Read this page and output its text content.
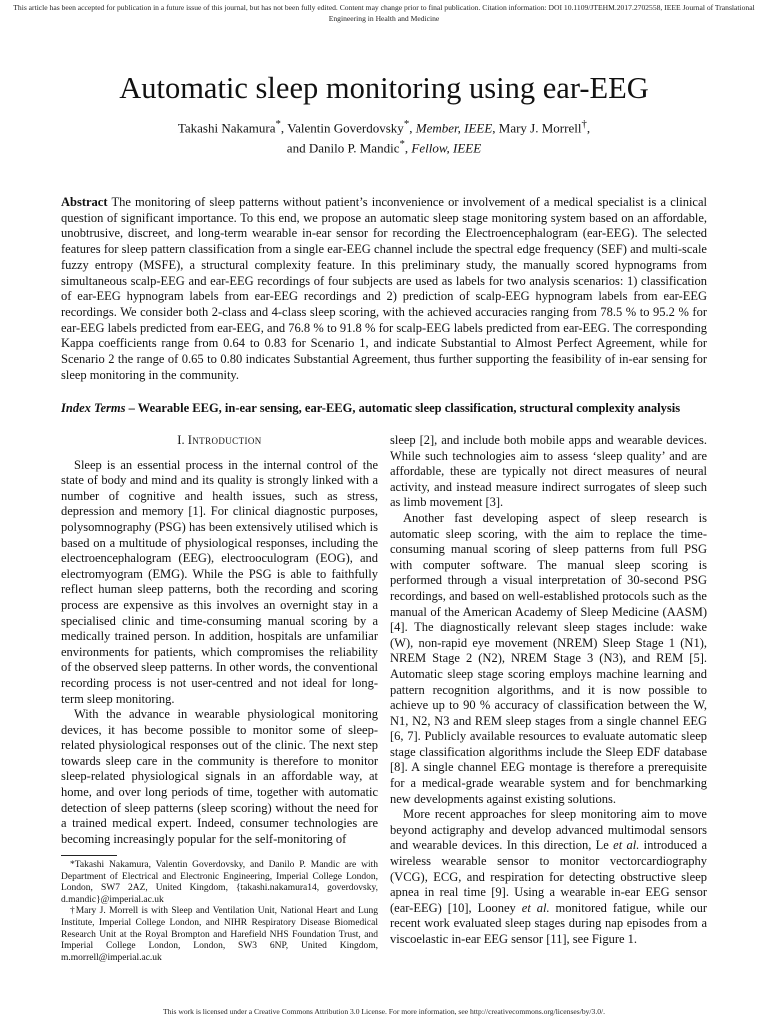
This article has been accepted for publication in a future issue of this journal, but has not been fully edited. Content may change prior to final publication. Citation information: DOI 10.1109/JTEHM.2017.2702558, IEEE Journal of Translational Engineering in Health and Medicine
Automatic sleep monitoring using ear-EEG
Takashi Nakamura*, Valentin Goverdovsky*, Member, IEEE, Mary J. Morrell†,
and Danilo P. Mandic*, Fellow, IEEE
Abstract The monitoring of sleep patterns without patient’s inconvenience or involvement of a medical specialist is a clinical question of significant importance. To this end, we propose an automatic sleep stage monitoring system based on an affordable, unobtrusive, discreet, and long-term wearable in-ear sensor for recording the Electroencephalogram (ear-EEG). The selected features for sleep pattern classification from a single ear-EEG channel include the spectral edge frequency (SEF) and multi-scale fuzzy entropy (MSFE), a structural complexity feature. In this preliminary study, the manually scored hypnograms from simultaneous scalp-EEG and ear-EEG recordings of four subjects are used as labels for two analysis scenarios: 1) classification of ear-EEG hypnogram labels from ear-EEG recordings and 2) prediction of scalp-EEG hypnogram labels from ear-EEG recordings. We consider both 2-class and 4-class sleep scoring, with the achieved accuracies ranging from 78.5 % to 95.2 % for ear-EEG labels predicted from ear-EEG, and 76.8 % to 91.8 % for scalp-EEG labels predicted from ear-EEG. The corresponding Kappa coefficients range from 0.64 to 0.83 for Scenario 1, and indicate Substantial to Almost Perfect Agreement, while for Scenario 2 the range of 0.65 to 0.80 indicates Substantial Agreement, thus further supporting the feasibility of in-ear sensing for sleep monitoring in the community.
Index Terms – Wearable EEG, in-ear sensing, ear-EEG, automatic sleep classification, structural complexity analysis
I. Introduction

Sleep is an essential process in the internal control of the state of body and mind and its quality is strongly linked with a number of cognitive and health issues, such as stress, depression and memory [1]. For clinical diagnostic purposes, polysomnography (PSG) has been extensively utilised which is based on a multitude of physiological responses, including the electroencephalogram (EEG), electrooculogram (EOG), and electromyogram (EMG). While the PSG is able to faithfully reflect human sleep patterns, both the recording and scoring process are expensive as this involves an overnight stay in a specialised clinic and time-consuming manual scoring by a medically trained person. In addition, hospitals are unfamiliar environments for patients, which compromises the reliability of the observed sleep patterns. In other words, the conventional recording process is not user-centred and not ideal for long-term sleep monitoring.

With the advance in wearable physiological monitoring devices, it has become possible to monitor some of sleep-related physiological responses out of the clinic. The next step towards sleep care in the community is therefore to monitor sleep-related physiological signals in an affordable way, at home, and over long periods of time, together with automatic detection of sleep patterns (sleep scoring) without the need for a trained medical expert. Indeed, consumer technologies are becoming increasingly popular for the self-monitoring of

*Takashi Nakamura, Valentin Goverdovsky, and Danilo P. Mandic are with Department of Electrical and Electronic Engineering, Imperial College London, London, SW7 2AZ, United Kingdom, {takashi.nakamura14, goverdovsky, d.mandic}@imperial.ac.uk

†Mary J. Morrell is with Sleep and Ventilation Unit, National Heart and Lung Institute, Imperial College London, and NIHR Respiratory Disease Biomedical Research Unit at the Royal Brompton and Harefield NHS Foundation Trust, and Imperial College London, London, SW3 6NP, United Kingdom, m.morrell@imperial.ac.uk

sleep [2], and include both mobile apps and wearable devices. While such technologies aim to assess ‘sleep quality’ and are affordable, these are typically not direct measures of neural activity, and instead measure indirect surrogates of sleep such as limb movement [3].

Another fast developing aspect of sleep research is automatic sleep scoring, with the aim to replace the time-consuming manual scoring of sleep patterns from full PSG with computer software. The manual sleep scoring is performed through a visual interpretation of 30-second PSG recordings, and based on well-established protocols such as the manual of the American Academy of Sleep Medicine (AASM) [4]. The diagnostically relevant sleep stages include: wake (W), non-rapid eye movement (NREM) Sleep Stage 1 (N1), NREM Stage 2 (N2), NREM Stage 3 (N3), and REM [5]. Automatic sleep stage scoring employs machine learning and pattern recognition algorithms, and it is now possible to achieve up to 90 % accuracy of classification between the W, N1, N2, N3 and REM sleep stages from a single channel EEG [6, 7]. Publicly available resources to evaluate automatic sleep stage classification algorithms include the Sleep EDF database [8]. A single channel EEG montage is therefore a prerequisite for a medical-grade wearable system and for benchmarking new developments against existing solutions.

More recent approaches for sleep monitoring aim to move beyond actigraphy and develop advanced multimodal sensors and wearable devices. In this direction, Le et al. introduced a wireless wearable sensor to monitor vectorcardiography (VCG), ECG, and respiration for detecting obstructive sleep apnea in real time [9]. Using a wearable in-ear EEG sensor (ear-EEG) [10], Looney et al. monitored fatigue, while our recent work evaluated sleep stages during nap episodes from a viscoelastic in-ear EEG sensor [11], see Figure 1.

This work is licensed under a Creative Commons Attribution 3.0 License. For more information, see http://creativecommons.org/licenses/by/3.0/.
